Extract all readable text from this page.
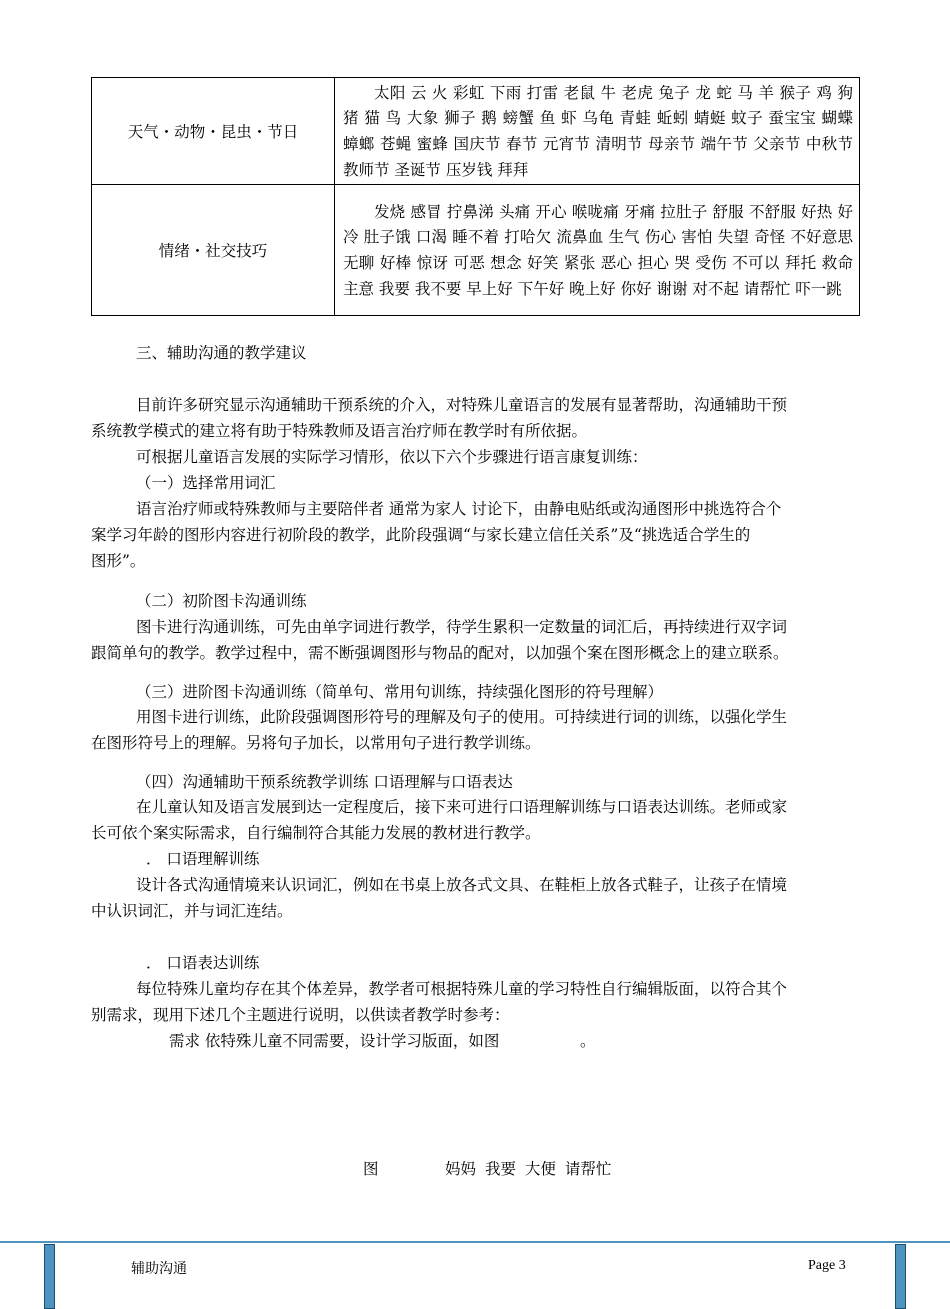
天气・动物・昆虫・节日	太阳 云 火 彩虹 下雨 打雷 老鼠 牛 老虎 兔子 龙 蛇 马 羊 猴子 鸡 狗 猪 猫 鸟 大象 狮子 鹅 螃蟹 鱼 虾 乌龟 青蛙 蚯蚓 蜻蜓 蚊子 蚕宝宝 蝴蝶 蟑螂 苍蝇 蜜蜂 国庆节 春节 元宵节 清明节 母亲节 端午节 父亲节 中秋节 教师节 圣诞节 压岁钱 拜拜
情绪・社交技巧	发烧 感冒 拧鼻涕 头痛 开心 喉咙痛 牙痛 拉肚子 舒服 不舒服 好热 好冷 肚子饿 口渴 睡不着 打哈欠 流鼻血 生气 伤心 害怕 失望 奇怪 不好意思 无聊 好棒 惊讶 可恶 想念 好笑 紧张 恶心 担心 哭 受伤 不可以 拜托 救命 主意 我要 我不要 早上好 下午好 晚上好 你好 谢谢 对不起 请帮忙 吓一跳
三、辅助沟通的教学建议
目前许多研究显示沟通辅助干预系统的介入，对特殊儿童语言的发展有显著帮助，沟通辅助干预
系统教学模式的建立将有助于特殊教师及语言治疗师在教学时有所依据。
可根据儿童语言发展的实际学习情形，依以下六个步骤进行语言康复训练：
（一）选择常用词汇
语言治疗师或特殊教师与主要陪伴者 通常为家人 讨论下，由静电贴纸或沟通图形中挑选符合个
案学习年龄的图形内容进行初阶段的教学，此阶段强调“与家长建立信任关系”及“挑选适合学生的
图形”。
（二）初阶图卡沟通训练
图卡进行沟通训练，可先由单字词进行教学，待学生累积一定数量的词汇后，再持续进行双字词
跟简单句的教学。教学过程中，需不断强调图形与物品的配对，以加强个案在图形概念上的建立联系。
（三）进阶图卡沟通训练（简单句、常用句训练，持续强化图形的符号理解）
用图卡进行训练，此阶段强调图形符号的理解及句子的使用。可持续进行词的训练，以强化学生
在图形符号上的理解。另将句子加长，以常用句子进行教学训练。
（四）沟通辅助干预系统教学训练 口语理解与口语表达
在儿童认知及语言发展到达一定程度后，接下来可进行口语理解训练与口语表达训练。老师或家
长可依个案实际需求，自行编制符合其能力发展的教材进行教学。
． 口语理解训练
设计各式沟通情境来认识词汇，例如在书桌上放各式文具、在鞋柜上放各式鞋子，让孩子在情境
中认识词汇，并与词汇连结。
． 口语表达训练
每位特殊儿童均存在其个体差异，教学者可根据特殊儿童的学习特性自行编辑版面，以符合其个
别需求，现用下述几个主题进行说明，以供读者教学时参考：
需求 依特殊儿童不同需要，设计学习版面，如图	。
图	妈妈 我要 大便 请帮忙
辅助沟通	Page 3
